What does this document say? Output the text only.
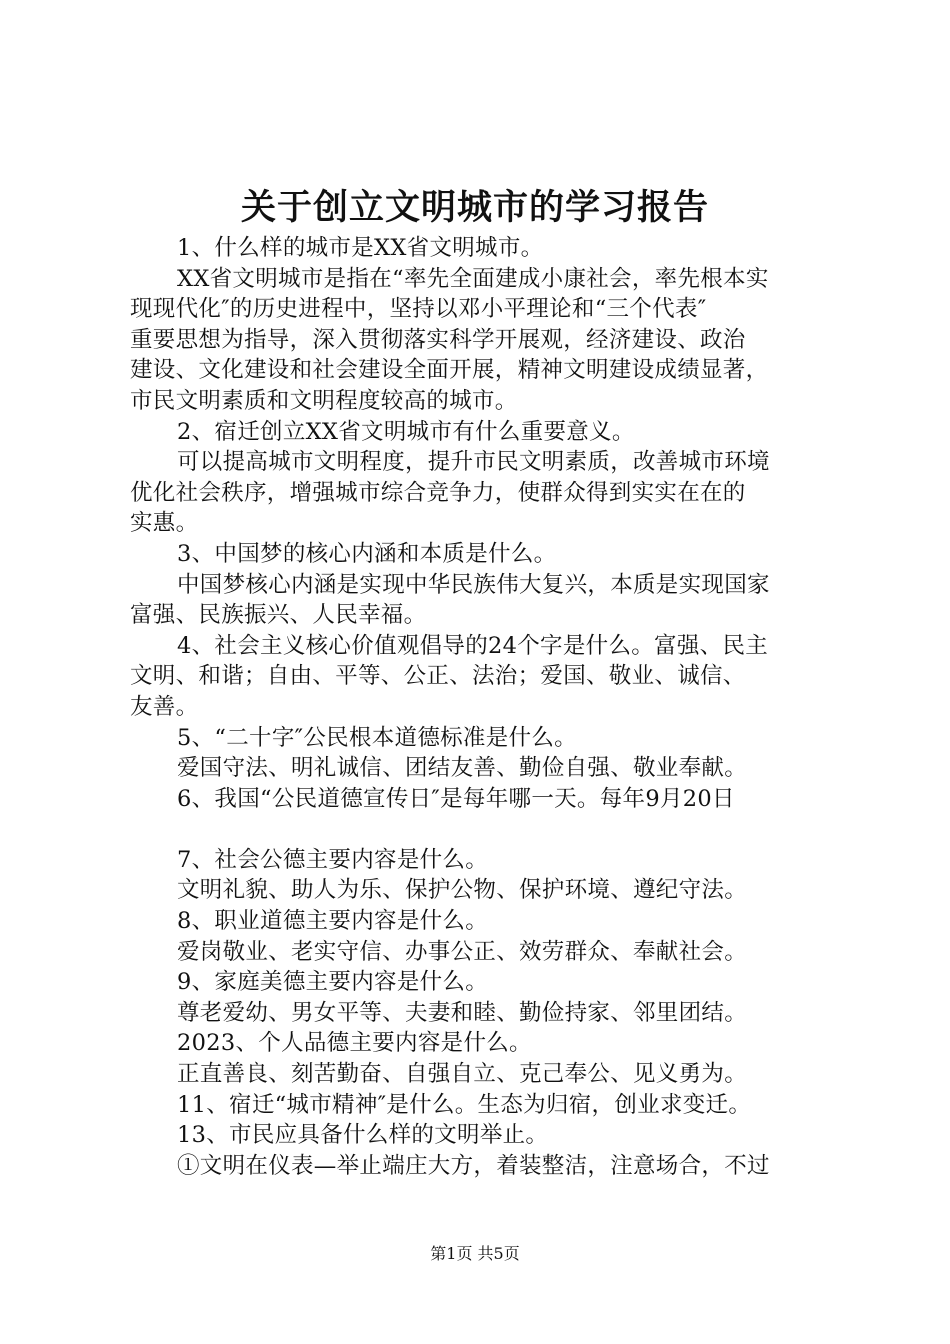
关于创立文明城市的学习报告
1、什么样的城市是XX省文明城市。
XX省文明城市是指在“率先全面建成小康社会，率先根本实
现现代化″的历史进程中，坚持以邓小平理论和“三个代表″
重要思想为指导，深入贯彻落实科学开展观，经济建设、政治
建设、文化建设和社会建设全面开展，精神文明建设成绩显著，
市民文明素质和文明程度较高的城市。
2、宿迁创立XX省文明城市有什么重要意义。
可以提高城市文明程度，提升市民文明素质，改善城市环境
优化社会秩序，增强城市综合竞争力，使群众得到实实在在的
实惠。
3、中国梦的核心内涵和本质是什么。
中国梦核心内涵是实现中华民族伟大复兴，本质是实现国家
富强、民族振兴、人民幸福。
4、社会主义核心价值观倡导的24个字是什么。富强、民主
文明、和谐；自由、平等、公正、法治；爱国、敬业、诚信、
友善。
5、“二十字″公民根本道德标准是什么。
爱国守法、明礼诚信、团结友善、勤俭自强、敬业奉献。
6、我国“公民道德宣传日″是每年哪一天。每年9月20日
7、社会公德主要内容是什么。
文明礼貌、助人为乐、保护公物、保护环境、遵纪守法。
8、职业道德主要内容是什么。
爱岗敬业、老实守信、办事公正、效劳群众、奉献社会。
9、家庭美德主要内容是什么。
尊老爱幼、男女平等、夫妻和睦、勤俭持家、邻里团结。
2023、个人品德主要内容是什么。
正直善良、刻苦勤奋、自强自立、克己奉公、见义勇为。
11、宿迁“城市精神″是什么。生态为归宿，创业求变迁。
13、市民应具备什么样的文明举止。
①文明在仪表—举止端庄大方，着装整洁，注意场合，不过
第1页 共5页
